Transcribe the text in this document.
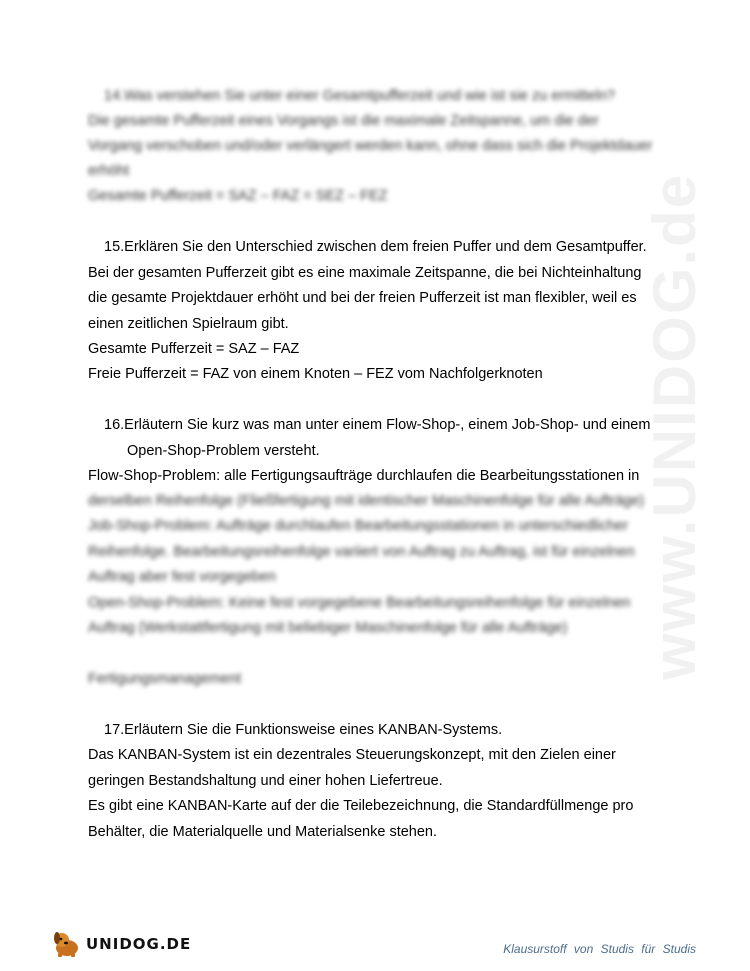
www.UNIDOG.de
14.Was verstehen Sie unter einer Gesamtpufferzeit und wie ist sie zu ermitteln?
Die gesamte Pufferzeit eines Vorgangs ist die maximale Zeitspanne, um die der
Vorgang verschoben und/oder verlängert werden kann, ohne dass sich die Projektdauer
erhöht
Gesamte Pufferzeit = SAZ – FAZ = SEZ – FEZ
15.Erklären Sie den Unterschied zwischen dem freien Puffer und dem Gesamtpuffer.
Bei der gesamten Pufferzeit gibt es eine maximale Zeitspanne, die bei Nichteinhaltung
die gesamte Projektdauer erhöht und bei der freien Pufferzeit ist man flexibler, weil es
einen zeitlichen Spielraum gibt.
Gesamte Pufferzeit = SAZ – FAZ
Freie Pufferzeit = FAZ von einem Knoten – FEZ vom Nachfolgerknoten
16.Erläutern Sie kurz was man unter einem Flow-Shop-, einem Job-Shop- und einem
Open-Shop-Problem versteht.
Flow-Shop-Problem: alle Fertigungsaufträge durchlaufen die Bearbeitungsstationen in
derselben Reihenfolge (Fließfertigung mit identischer Maschinenfolge für alle Aufträge)
Job-Shop-Problem: Aufträge durchlaufen Bearbeitungsstationen in unterschiedlicher
Reihenfolge. Bearbeitungsreihenfolge variiert von Auftrag zu Auftrag, ist für einzelnen
Auftrag aber fest vorgegeben
Open-Shop-Problem: Keine fest vorgegebene Bearbeitungsreihenfolge für einzelnen
Auftrag (Werkstattfertigung mit beliebiger Maschinenfolge für alle Aufträge)
Fertigungsmanagement
17.Erläutern Sie die Funktionsweise eines KANBAN-Systems.
Das KANBAN-System ist ein dezentrales Steuerungskonzept, mit den Zielen einer
geringen Bestandshaltung und einer hohen Liefertreue.
Es gibt eine KANBAN-Karte auf der die Teilebezeichnung, die Standardfüllmenge pro
Behälter, die Materialquelle und Materialsenke stehen.
UNIDOG.DE	Klausurstoff von Studis für Studis
